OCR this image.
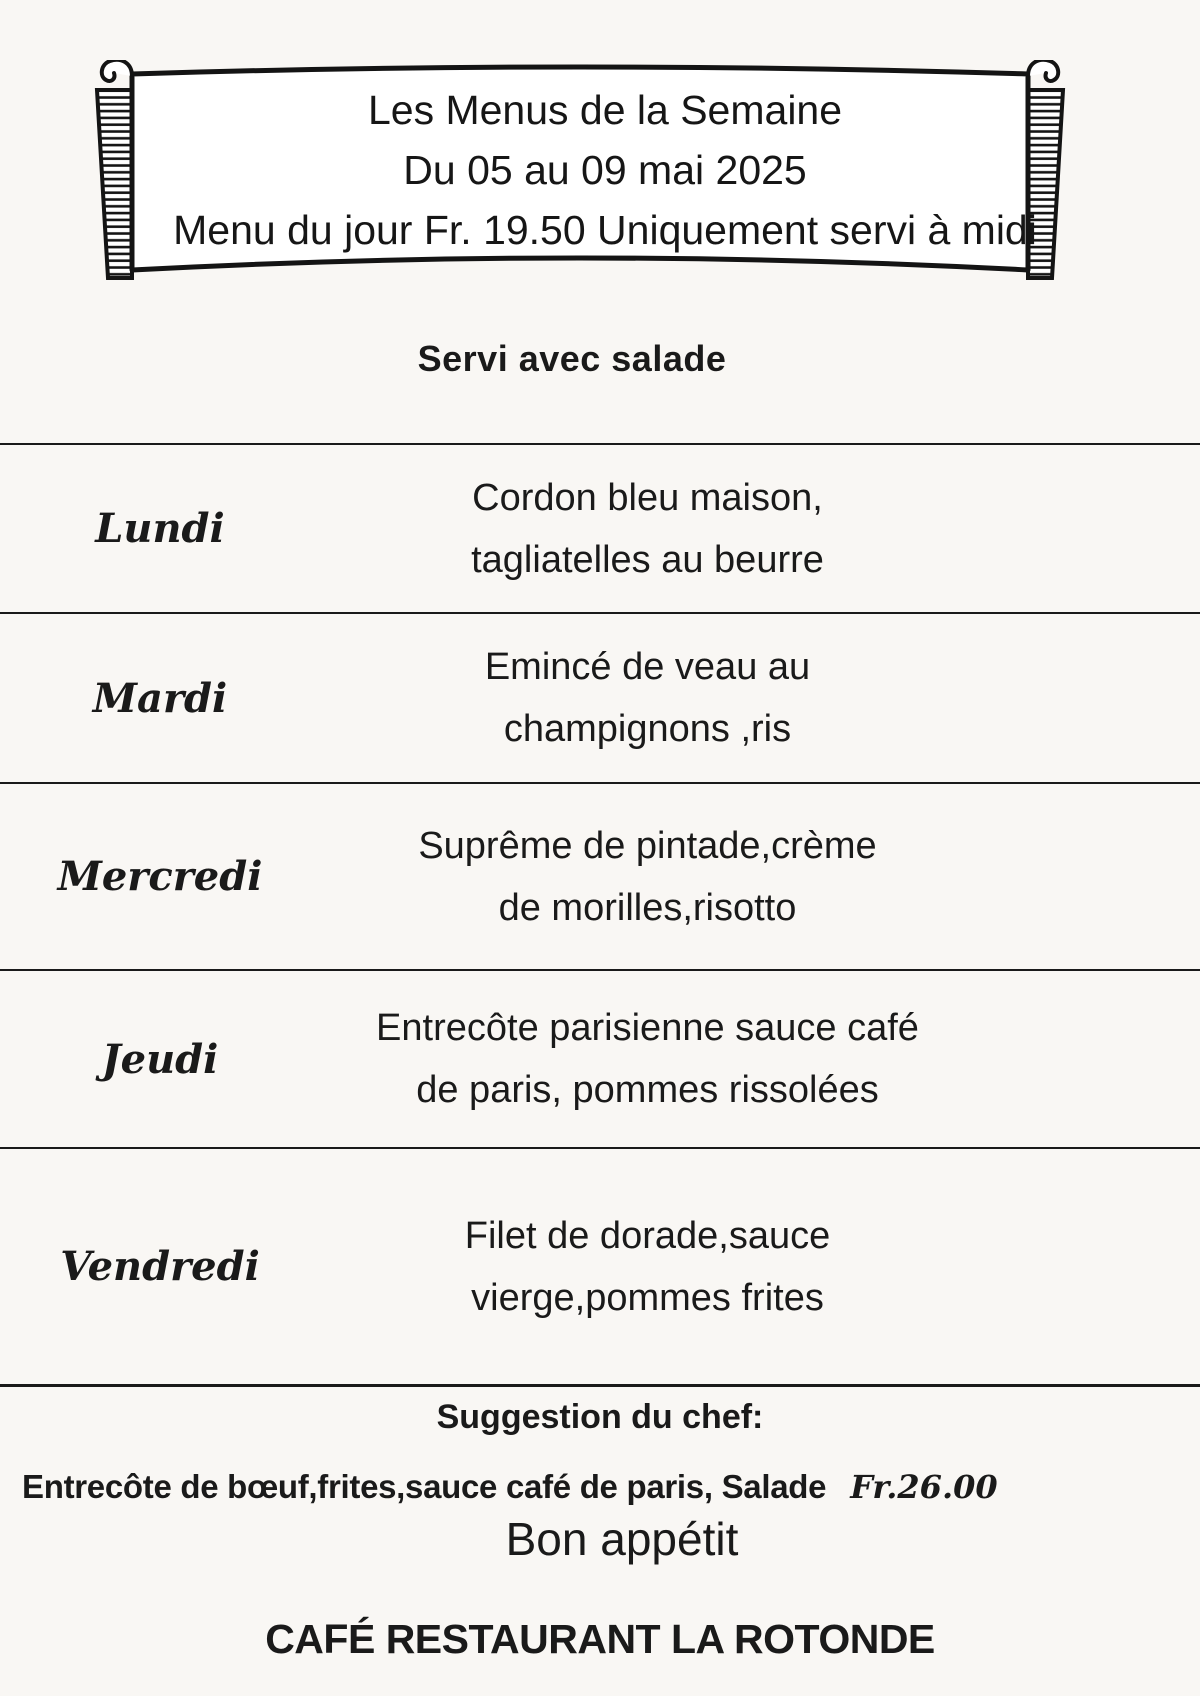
Les Menus de la Semaine
Du 05 au 09 mai 2025
Menu du jour Fr. 19.50 Uniquement servi à midi
Servi avec salade
Lundi
Cordon bleu maison,
tagliatelles au beurre
Mardi
Emincé de veau au
champignons ,ris
Mercredi
Suprême de pintade,crème
de morilles,risotto
Jeudi
Entrecôte parisienne sauce café
de paris, pommes rissolées
Vendredi
Filet de dorade,sauce
vierge,pommes frites
Suggestion du chef:
Entrecôte de bœuf,frites,sauce café de paris, Salade Fr.26.00
Bon appétit
CAFÉ RESTAURANT LA ROTONDE
